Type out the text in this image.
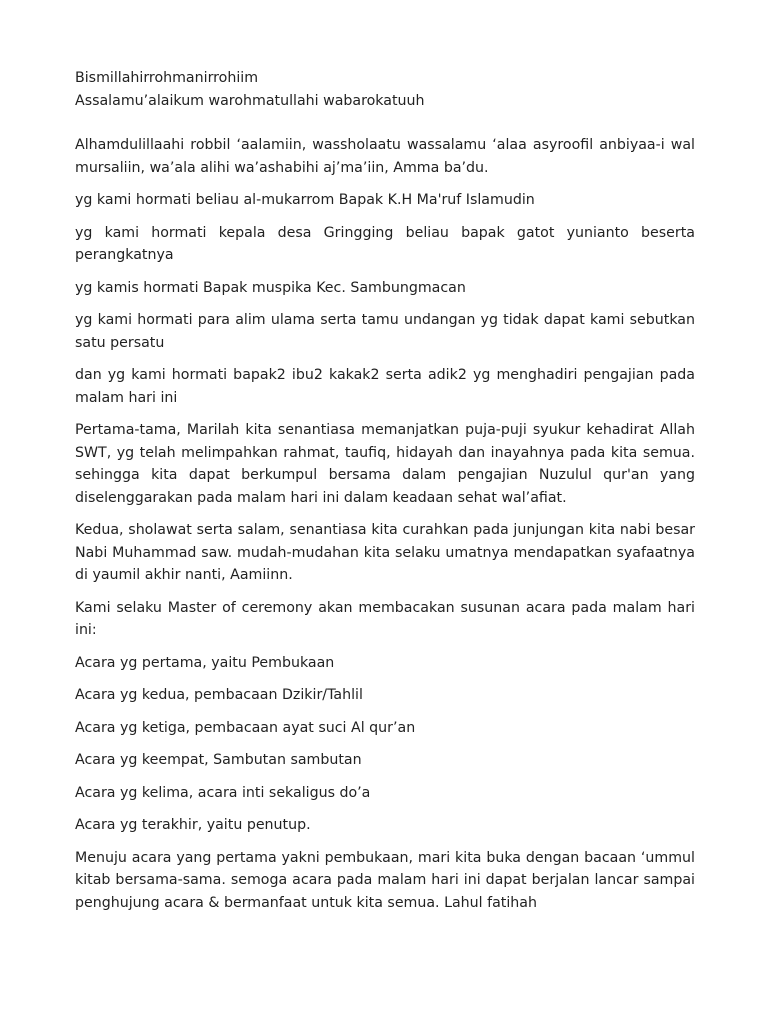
Bismillahirrohmanirrohiim

Assalamu’alaikum warohmatullahi wabarokatuuh

Alhamdulillaahi robbil ‘aalamiin, wassholaatu wassalamu ‘alaa asyroofil anbiyaa-i wal mursaliin, wa’ala alihi wa’ashabihi aj’ma’iin, Amma ba’du.

yg kami hormati beliau al-mukarrom Bapak K.H Ma'ruf Islamudin

yg kami hormati kepala desa Gringging beliau bapak gatot yunianto beserta perangkatnya

yg kamis hormati Bapak muspika Kec. Sambungmacan

yg kami hormati para alim ulama serta tamu undangan yg tidak dapat kami sebutkan satu persatu

dan yg kami hormati bapak2 ibu2 kakak2 serta adik2 yg menghadiri pengajian pada malam hari ini

Pertama-tama, Marilah kita senantiasa memanjatkan puja-puji syukur kehadirat Allah SWT, yg telah melimpahkan rahmat, taufiq, hidayah dan inayahnya pada kita semua. sehingga kita dapat berkumpul bersama dalam pengajian Nuzulul qur'an yang diselenggarakan pada malam hari ini dalam keadaan sehat wal’afiat.

Kedua, sholawat serta salam, senantiasa kita curahkan pada junjungan kita nabi besar Nabi Muhammad saw. mudah-mudahan kita selaku umatnya mendapatkan syafaatnya di yaumil akhir nanti, Aamiinn.

Kami selaku Master of ceremony akan membacakan susunan acara pada malam hari ini:

Acara yg pertama, yaitu Pembukaan

Acara yg kedua, pembacaan Dzikir/Tahlil

Acara yg ketiga, pembacaan ayat suci Al qur’an

Acara yg keempat, Sambutan sambutan

Acara yg kelima, acara inti sekaligus do’a

Acara yg terakhir, yaitu penutup.

Menuju acara yang pertama yakni pembukaan, mari kita buka dengan bacaan ‘ummul kitab bersama-sama. semoga acara pada malam hari ini dapat berjalan lancar sampai penghujung acara & bermanfaat untuk kita semua. Lahul fatihah
